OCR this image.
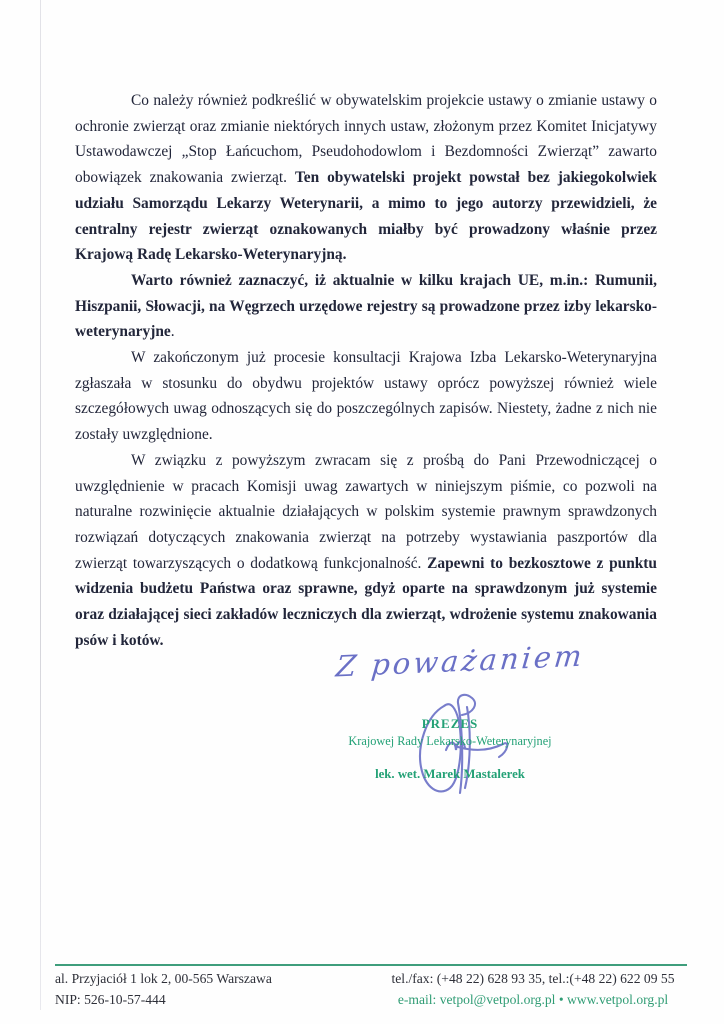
Co należy również podkreślić w obywatelskim projekcie ustawy o zmianie ustawy o ochronie zwierząt oraz zmianie niektórych innych ustaw, złożonym przez Komitet Inicjatywy Ustawodawczej „Stop Łańcuchom, Pseudohodowlom i Bezdomności Zwierząt” zawarto obowiązek znakowania zwierząt. Ten obywatelski projekt powstał bez jakiegokolwiek udziału Samorządu Lekarzy Weterynarii, a mimo to jego autorzy przewidzieli, że centralny rejestr zwierząt oznakowanych miałby być prowadzony właśnie przez Krajową Radę Lekarsko-Weterynaryjną.

Warto również zaznaczyć, iż aktualnie w kilku krajach UE, m.in.: Rumunii, Hiszpanii, Słowacji, na Węgrzech urzędowe rejestry są prowadzone przez izby lekarsko-weterynaryjne.

W zakończonym już procesie konsultacji Krajowa Izba Lekarsko-Weterynaryjna zgłaszała w stosunku do obydwu projektów ustawy oprócz powyższej również wiele szczegółowych uwag odnoszących się do poszczególnych zapisów. Niestety, żadne z nich nie zostały uwzględnione.

W związku z powyższym zwracam się z prośbą do Pani Przewodniczącej o uwzględnienie w pracach Komisji uwag zawartych w niniejszym piśmie, co pozwoli na naturalne rozwinięcie aktualnie działających w polskim systemie prawnym sprawdzonych rozwiązań dotyczących znakowania zwierząt na potrzeby wystawiania paszportów dla zwierząt towarzyszących o dodatkową funkcjonalność. Zapewni to bezkosztowe z punktu widzenia budżetu Państwa oraz sprawne, gdyż oparte na sprawdzonym już systemie oraz działającej sieci zakładów leczniczych dla zwierząt, wdrożenie systemu znakowania psów i kotów.	Z poważaniem

PREZES

Krajowej Rady Lekarsko-Weterynaryjnej

lek. wet. Marek Mastalerek

al. Przyjaciół 1 lok 2, 00-565 Warszawa
NIP: 526-10-57-444
tel./fax: (+48 22) 628 93 35, tel.:(+48 22) 622 09 55
e-mail: vetpol@vetpol.org.pl • www.vetpol.org.pl
